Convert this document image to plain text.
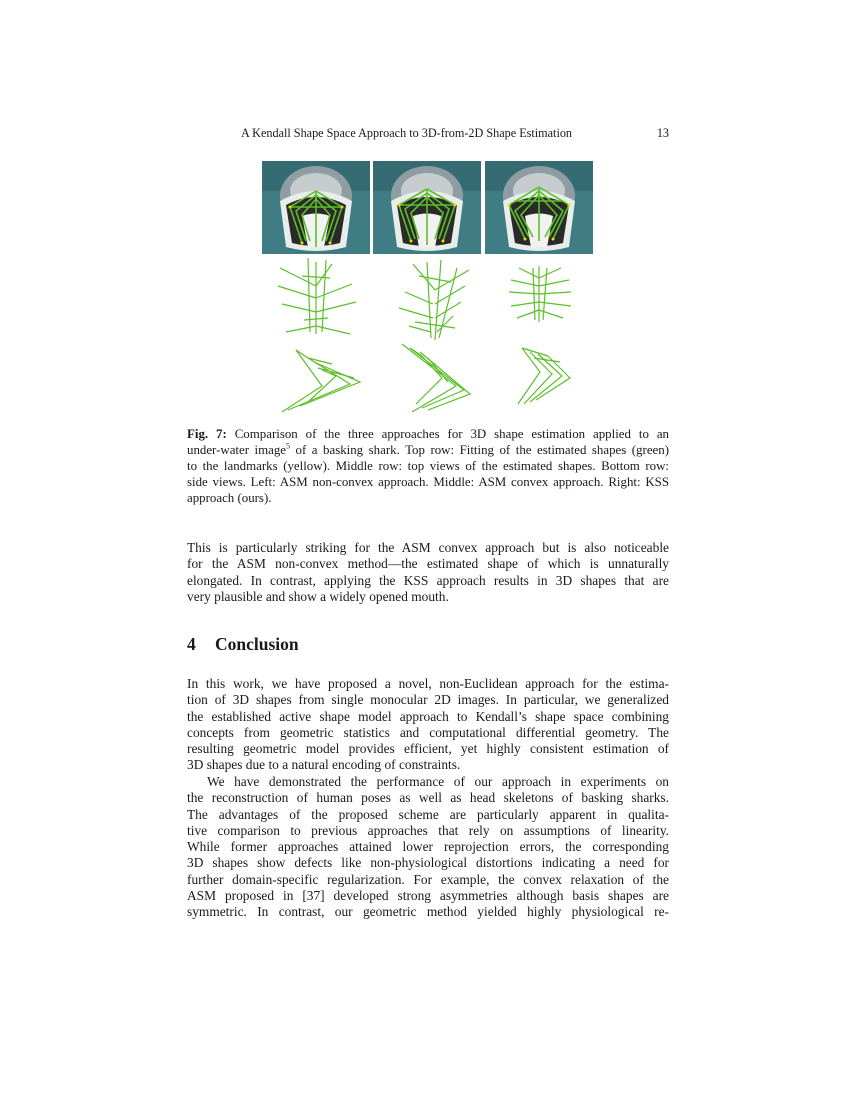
A Kendall Shape Space Approach to 3D-from-2D Shape Estimation	13
Fig. 7: Comparison of the three approaches for 3D shape estimation applied to an
under-water image$^5$ of a basking shark. Top row: Fitting of the estimated shapes (green)
to the landmarks (yellow). Middle row: top views of the estimated shapes. Bottom row:
side views. Left: ASM non-convex approach. Middle: ASM convex approach. Right: KSS
approach (ours).
This is particularly striking for the ASM convex approach but is also noticeable
for the ASM non-convex method—the estimated shape of which is unnaturally
elongated. In contrast, applying the KSS approach results in 3D shapes that are
very plausible and show a widely opened mouth.
4 Conclusion
In this work, we have proposed a novel, non-Euclidean approach for the estima-
tion of 3D shapes from single monocular 2D images. In particular, we generalized
the established active shape model approach to Kendall’s shape space combining
concepts from geometric statistics and computational differential geometry. The
resulting geometric model provides efficient, yet highly consistent estimation of
3D shapes due to a natural encoding of constraints.
We have demonstrated the performance of our approach in experiments on
the reconstruction of human poses as well as head skeletons of basking sharks.
The advantages of the proposed scheme are particularly apparent in qualita-
tive comparison to previous approaches that rely on assumptions of linearity.
While former approaches attained lower reprojection errors, the corresponding
3D shapes show defects like non-physiological distortions indicating a need for
further domain-specific regularization. For example, the convex relaxation of the
ASM proposed in [37] developed strong asymmetries although basis shapes are
symmetric. In contrast, our geometric method yielded highly physiological re-
